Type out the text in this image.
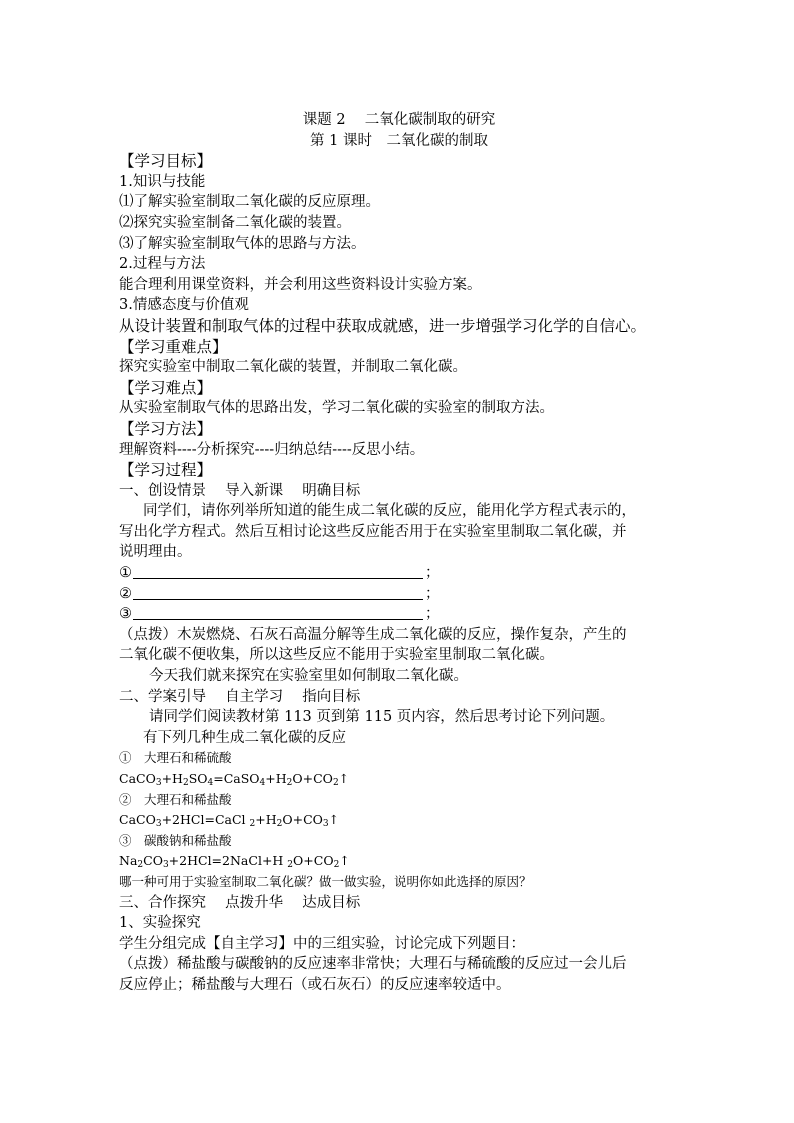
课题 2　 二氧化碳制取的研究
第 1 课时　二氧化碳的制取
【学习目标】
1.知识与技能
⑴了解实验室制取二氧化碳的反应原理。
⑵探究实验室制备二氧化碳的装置。
⑶了解实验室制取气体的思路与方法。
2.过程与方法
能合理利用课堂资料，并会利用这些资料设计实验方案。
3.情感态度与价值观
从设计装置和制取气体的过程中获取成就感，进一步增强学习化学的自信心。
【学习重难点】
探究实验室中制取二氧化碳的装置，并制取二氧化碳。
【学习难点】
从实验室制取气体的思路出发，学习二氧化碳的实验室的制取方法。
【学习方法】
理解资料----分析探究----归纳总结----反思小结。
【学习过程】
一、创设情景　 导入新课　 明确目标
同学们，请你列举所知道的能生成二氧化碳的反应，能用化学方程式表示的，
写出化学方程式。然后互相讨论这些反应能否用于在实验室里制取二氧化碳，并
说明理由。
①	；
②	；
③	；
（点拨）木炭燃烧、石灰石高温分解等生成二氧化碳的反应，操作复杂，产生的
二氧化碳不便收集，所以这些反应不能用于实验室里制取二氧化碳。
今天我们就来探究在实验室里如何制取二氧化碳。
二、学案引导　 自主学习　 指向目标
请同学们阅读教材第 113 页到第 115 页内容，然后思考讨论下列问题。
有下列几种生成二氧化碳的反应
①　大理石和稀硫酸
$CaCO_3+H_2SO_4=CaSO_4+H_2O+CO_2↑$
②　大理石和稀盐酸
CaCO$_3$+2HCl=CaCl $_2+H_2O+CO_3↑$
③　碳酸钠和稀盐酸
$Na_2CO_3+2HCl=2NaCl+H$ $_2O+CO_2↑$
哪一种可用于实验室制取二氧化碳？做一做实验，说明你如此选择的原因？
三、合作探究　 点拨升华　 达成目标
1、实验探究
学生分组完成【自主学习】中的三组实验，讨论完成下列题目：
（点拨）稀盐酸与碳酸钠的反应速率非常快；大理石与稀硫酸的反应过一会儿后
反应停止；稀盐酸与大理石（或石灰石）的反应速率较适中。
